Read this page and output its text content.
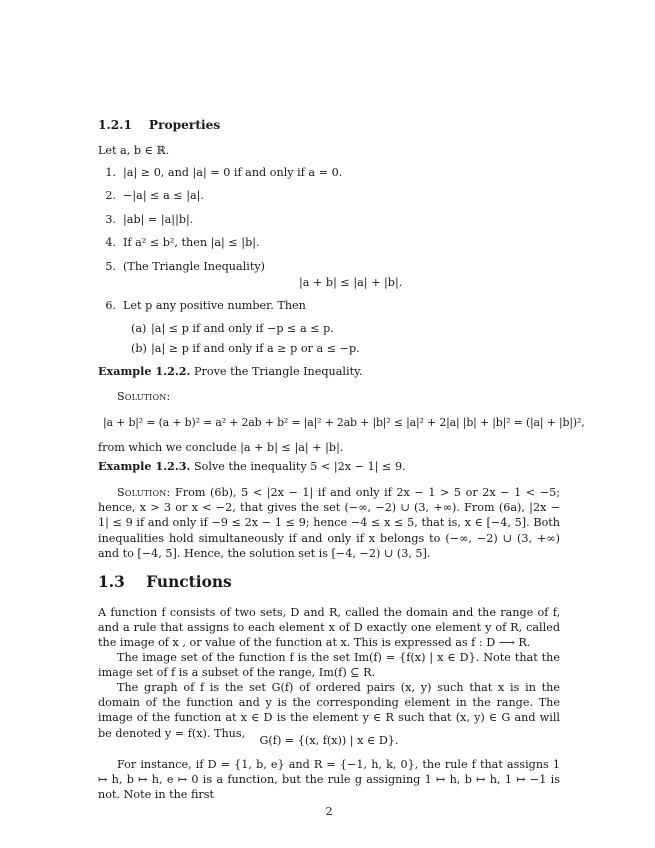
1.2.1 Properties
Let a, b ∈ ℝ.
1. |a| ≥ 0, and |a| = 0 if and only if a = 0.
2. −|a| ≤ a ≤ |a|.
3. |ab| = |a||b|.
4. If a² ≤ b², then |a| ≤ |b|.
5. (The Triangle Inequality)
|a + b| ≤ |a| + |b|.
6. Let p any positive number. Then
(a) |a| ≤ p if and only if −p ≤ a ≤ p.
(b) |a| ≥ p if and only if a ≥ p or a ≤ −p.
Example 1.2.2. Prove the Triangle Inequality.
Solution:
|a + b|² = (a + b)² = a² + 2ab + b² = |a|² + 2ab + |b|² ≤ |a|² + 2|a| |b| + |b|² = (|a| + |b|)²,
from which we conclude |a + b| ≤ |a| + |b|.
Example 1.2.3. Solve the inequality 5 < |2x − 1| ≤ 9.
Solution: From (6b), 5 < |2x − 1| if and only if 2x − 1 > 5 or 2x − 1 < −5; hence, x > 3 or x < −2, that gives the set (−∞, −2) ∪ (3, +∞). From (6a), |2x − 1| ≤ 9 if and only if −9 ≤ 2x − 1 ≤ 9; hence −4 ≤ x ≤ 5, that is, x ∈ [−4, 5]. Both inequalities hold simultaneously if and only if x belongs to (−∞, −2) ∪ (3, +∞) and to [−4, 5]. Hence, the solution set is [−4, −2) ∪ (3, 5].
1.3 Functions
A function f consists of two sets, D and R, called the domain and the range of f, and a rule that assigns to each element x of D exactly one element y of R, called the image of x , or value of the function at x. This is expressed as f : D ⟶ R.
The image set of the function f is the set Im(f) = {f(x) | x ∈ D}. Note that the image set of f is a subset of the range, Im(f) ⊆ R.
The graph of f is the set G(f) of ordered pairs (x, y) such that x is in the domain of the function and y is the corresponding element in the range. The image of the function at x ∈ D is the element y ∈ R such that (x, y) ∈ G and will be denoted y = f(x). Thus,
G(f) = {(x, f(x)) | x ∈ D}.
For instance, if D = {1, b, e} and R = {−1, h, k, 0}, the rule f that assigns 1 ↦ h, b ↦ h, e ↦ 0 is a function, but the rule g assigning 1 ↦ h, b ↦ h, 1 ↦ −1 is not. Note in the first
2
